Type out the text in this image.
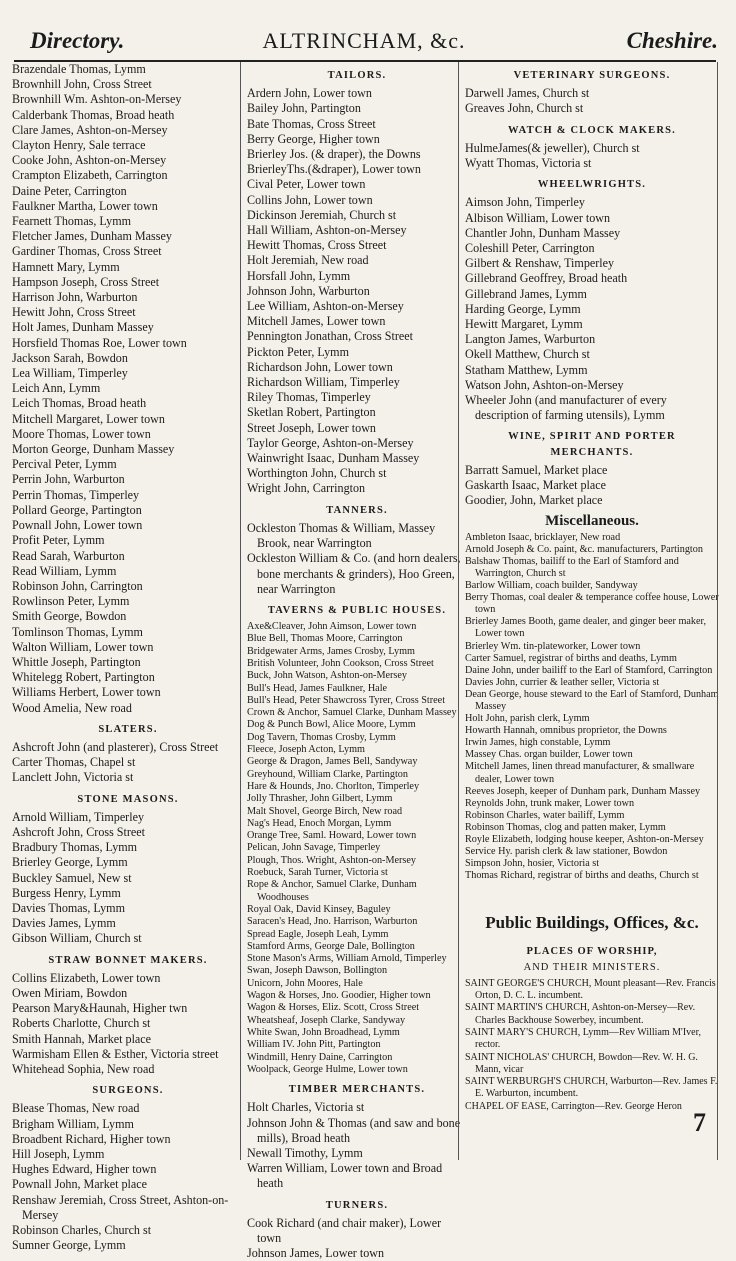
Directory.	ALTRINCHAM, &c.	Cheshire.
Brazendale Thomas, Lymm
Brownhill John, Cross Street
Brownhill Wm. Ashton-on-Mersey
Calderbank Thomas, Broad heath
Clare James, Ashton-on-Mersey
Clayton Henry, Sale terrace
Cooke John, Ashton-on-Mersey
Crampton Elizabeth, Carrington
Daine Peter, Carrington
Faulkner Martha, Lower town
Fearnett Thomas, Lymm
Fletcher James, Dunham Massey
Gardiner Thomas, Cross Street
Hamnett Mary, Lymm
Hampson Joseph, Cross Street
Harrison John, Warburton
Hewitt John, Cross Street
Holt James, Dunham Massey
Horsfield Thomas Roe, Lower town
Jackson Sarah, Bowdon
Lea William, Timperley
Leich Ann, Lymm
Leich Thomas, Broad heath
Mitchell Margaret, Lower town
Moore Thomas, Lower town
Morton George, Dunham Massey
Percival Peter, Lymm
Perrin John, Warburton
Perrin Thomas, Timperley
Pollard George, Partington
Pownall John, Lower town
Profit Peter, Lymm
Read Sarah, Warburton
Read William, Lymm
Robinson John, Carrington
Rowlinson Peter, Lymm
Smith George, Bowdon
Tomlinson Thomas, Lymm
Walton William, Lower town
Whittle Joseph, Partington
Whitelegg Robert, Partington
Williams Herbert, Lower town
Wood Amelia, New road
SLATERS.
Ashcroft John (and plasterer), Cross Street
Carter Thomas, Chapel st
Lanclett John, Victoria st
STONE MASONS.
Arnold William, Timperley
Ashcroft John, Cross Street
Bradbury Thomas, Lymm
Brierley George, Lymm
Buckley Samuel, New st
Burgess Henry, Lymm
Davies Thomas, Lymm
Davies James, Lymm
Gibson William, Church st
STRAW BONNET MAKERS.
Collins Elizabeth, Lower town
Owen Miriam, Bowdon
Pearson Mary&Haunah, Higher twn
Roberts Charlotte, Church st
Smith Hannah, Market place
Warmisham Ellen & Esther, Victoria street
Whitehead Sophia, New road
SURGEONS.
Blease Thomas, New road
Brigham William, Lymm
Broadbent Richard, Higher town
Hill Joseph, Lymm
Hughes Edward, Higher town
Pownall John, Market place
Renshaw Jeremiah, Cross Street, Ashton-on-Mersey
Robinson Charles, Church st
Sumner George, Lymm
TAILORS.
Ardern John, Lower town
Bailey John, Partington
Bate Thomas, Cross Street
Berry George, Higher town
Brierley Jos. (& draper), the Downs
BrierleyThs.(&draper), Lower town
Cival Peter, Lower town
Collins John, Lower town
Dickinson Jeremiah, Church st
Hall William, Ashton-on-Mersey
Hewitt Thomas, Cross Street
Holt Jeremiah, New road
Horsfall John, Lymm
Johnson John, Warburton
Lee William, Ashton-on-Mersey
Mitchell James, Lower town
Pennington Jonathan, Cross Street
Pickton Peter, Lymm
Richardson John, Lower town
Richardson William, Timperley
Riley Thomas, Timperley
Sketlan Robert, Partington
Street Joseph, Lower town
Taylor George, Ashton-on-Mersey
Wainwright Isaac, Dunham Massey
Worthington John, Church st
Wright John, Carrington
TANNERS.
Ockleston Thomas & William, Massey Brook, near Warrington
Ockleston William & Co. (and horn dealers, bone merchants & grinders), Hoo Green, near Warrington
TAVERNS & PUBLIC HOUSES.
Axe&Cleaver, John Aimson, Lower town
Blue Bell, Thomas Moore, Carrington
Bridgewater Arms, James Crosby, Lymm
British Volunteer, John Cookson, Cross Street
Buck, John Watson, Ashton-on-Mersey
Bull's Head, James Faulkner, Hale
Bull's Head, Peter Shawcross Tyrer, Cross Street
Crown & Anchor, Samuel Clarke, Dunham Massey
Dog & Punch Bowl, Alice Moore, Lymm
Dog Tavern, Thomas Crosby, Lymm
Fleece, Joseph Acton, Lymm
George & Dragon, James Bell, Sandyway
Greyhound, William Clarke, Partington
Hare & Hounds, Jno. Chorlton, Timperley
Jolly Thrasher, John Gilbert, Lymm
Malt Shovel, George Birch, New road
Nag's Head, Enoch Morgan, Lymm
Orange Tree, Saml. Howard, Lower town
Pelican, John Savage, Timperley
Plough, Thos. Wright, Ashton-on-Mersey
Roebuck, Sarah Turner, Victoria st
Rope & Anchor, Samuel Clarke, Dunham Woodhouses
Royal Oak, David Kinsey, Baguley
Saracen's Head, Jno. Harrison, Warburton
Spread Eagle, Joseph Leah, Lymm
Stamford Arms, George Dale, Bollington
Stone Mason's Arms, William Arnold, Timperley
Swan, Joseph Dawson, Bollington
Unicorn, John Moores, Hale
Wagon & Horses, Jno. Goodier, Higher town
Wagon & Horses, Eliz. Scott, Cross Street
Wheatsheaf, Joseph Clarke, Sandyway
White Swan, John Broadhead, Lymm
William IV. John Pitt, Partington
Windmill, Henry Daine, Carrington
Woolpack, George Hulme, Lower town
TIMBER MERCHANTS.
Holt Charles, Victoria st
Johnson John & Thomas (and saw and bone mills), Broad heath
Newall Timothy, Lymm
Warren William, Lower town and Broad heath
TURNERS.
Cook Richard (and chair maker), Lower town
Johnson James, Lower town
VETERINARY SURGEONS.
Darwell James, Church st
Greaves John, Church st
WATCH & CLOCK MAKERS.
HulmeJames(& jeweller), Church st
Wyatt Thomas, Victoria st
WHEELWRIGHTS.
Aimson John, Timperley
Albison William, Lower town
Chantler John, Dunham Massey
Coleshill Peter, Carrington
Gilbert & Renshaw, Timperley
Gillebrand Geoffrey, Broad heath
Gillebrand James, Lymm
Harding George, Lymm
Hewitt Margaret, Lymm
Langton James, Warburton
Okell Matthew, Church st
Statham Matthew, Lymm
Watson John, Ashton-on-Mersey
Wheeler John (and manufacturer of every description of farming utensils), Lymm
WINE, SPIRIT AND PORTER MERCHANTS.
Barratt Samuel, Market place
Gaskarth Isaac, Market place
Goodier, John, Market place
Miscellaneous.
Ambleton Isaac, bricklayer, New road
Arnold Joseph & Co. paint, &c. manufacturers, Partington
Balshaw Thomas, bailiff to the Earl of Stamford and Warrington, Church st
Barlow William, coach builder, Sandyway
Berry Thomas, coal dealer & temperance coffee house, Lower town
Brierley James Booth, game dealer, and ginger beer maker, Lower town
Brierley Wm. tin-plateworker, Lower town
Carter Samuel, registrar of births and deaths, Lymm
Daine John, under bailiff to the Earl of Stamford, Carrington
Davies John, currier & leather seller, Victoria st
Dean George, house steward to the Earl of Stamford, Dunham Massey
Holt John, parish clerk, Lymm
Howarth Hannah, omnibus proprietor, the Downs
Irwin James, high constable, Lymm
Massey Chas. organ builder, Lower town
Mitchell James, linen thread manufacturer, & smallware dealer, Lower town
Reeves Joseph, keeper of Dunham park, Dunham Massey
Reynolds John, trunk maker, Lower town
Robinson Charles, water bailiff, Lymm
Robinson Thomas, clog and patten maker, Lymm
Royle Elizabeth, lodging house keeper, Ashton-on-Mersey
Service Hy. parish clerk & law stationer, Bowdon
Simpson John, hosier, Victoria st
Thomas Richard, registrar of births and deaths, Church st
Public Buildings, Offices, &c.
PLACES OF WORSHIP,
AND THEIR MINISTERS.
SAINT GEORGE'S CHURCH, Mount pleasant—Rev. Francis Orton, D. C. L. incumbent.
SAINT MARTIN'S CHURCH, Ashton-on-Mersey—Rev. Charles Backhouse Sowerbey, incumbent.
SAINT MARY'S CHURCH, Lymm—Rev William M'Iver, rector.
SAINT NICHOLAS' CHURCH, Bowdon—Rev. W. H. G. Mann, vicar
SAINT WERBURGH'S CHURCH, Warburton—Rev. James F. E. Warburton, incumbent.
CHAPEL OF EASE, Carrington—Rev. George Heron
7
